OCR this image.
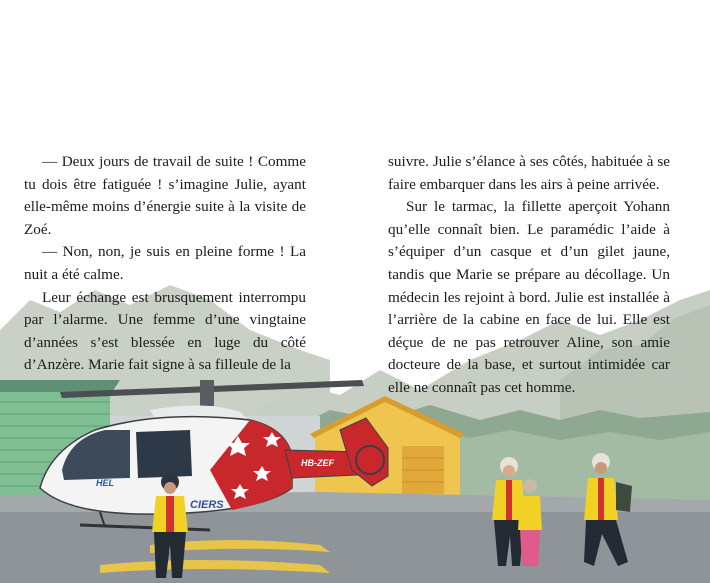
HEL
CIERS
HB-ZEF

— Deux jours de travail de suite ! Comme tu dois être fatiguée ! s’imagine Julie, ayant elle-même moins d’énergie suite à la visite de Zoé.

— Non, non, je suis en pleine forme ! La nuit a été calme.

Leur échange est brusquement interrompu par l’alarme. Une femme d’une vingtaine d’années s’est blessée en luge du côté d’Anzère. Marie fait signe à sa filleule de la

suivre. Julie s’élance à ses côtés, habituée à se faire embarquer dans les airs à peine arrivée.

Sur le tarmac, la fillette aperçoit Yohann qu’elle connaît bien. Le paramédic l’aide à s’équiper d’un casque et d’un gilet jaune, tandis que Marie se prépare au décollage. Un médecin les rejoint à bord. Julie est installée à l’arrière de la cabine en face de lui. Elle est déçue de ne pas retrouver Aline, son amie docteure de la base, et surtout intimidée car elle ne connaît pas cet homme.
